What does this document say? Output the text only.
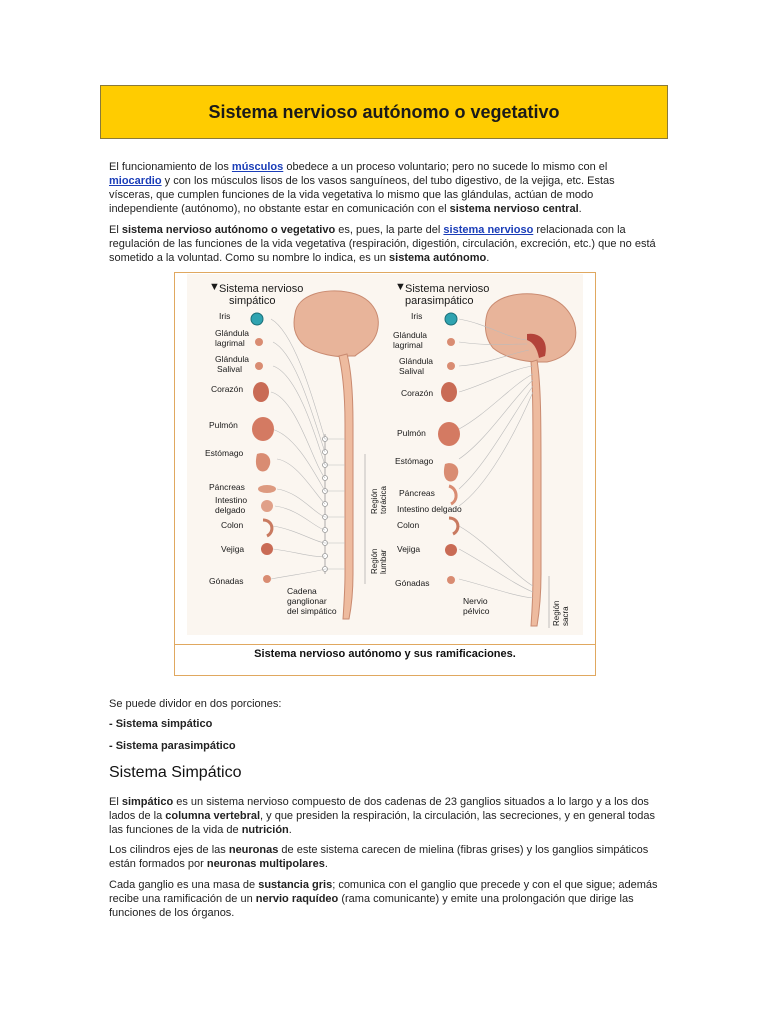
Sistema nervioso autónomo o vegetativo

El funcionamiento de los músculos obedece a un proceso voluntario; pero no sucede lo mismo con el miocardio y con los músculos lisos de los vasos sanguíneos, del tubo digestivo, de la vejiga, etc. Estas vísceras, que cumplen funciones de la vida vegetativa lo mismo que las glándulas, actúan de modo independiente (autónomo), no obstante estar en comunicación con el sistema nervioso central.

El sistema nervioso autónomo o vegetativo es, pues, la parte del sistema nervioso relacionada con la regulación de las funciones de la vida vegetativa (respiración, digestión, circulación, excreción, etc.) que no está sometido a la voluntad. Como su nombre lo indica, es un sistema autónomo.

▼ Sistema nervioso
simpático
Iris
Glándula
lagrimal
Glándula
Salival
Corazón
Pulmón
Estómago
Páncreas
Intestino
delgado
Colon
Vejiga
Gónadas
Cadena
ganglionar
del simpático
Región torácica
Región lumbar
▼ Sistema nervioso
parasimpático
Iris
Glándula
lagrimal
Glándula
Salival
Corazón
Pulmón
Estómago
Páncreas
Intestino delgado
Colon
Vejiga
Gónadas
Nervio
pélvico	Región sacra
Sistema nervioso autónomo y sus ramificaciones.

Se puede dividor en dos porciones:

- Sistema simpático

- Sistema parasimpático

Sistema Simpático

El simpático es un sistema nervioso compuesto de dos cadenas de 23 ganglios situados a lo largo y a los dos lados de la columna vertebral, y que presiden la respiración, la circulación, las secreciones, y en general todas las funciones de la vida de nutrición.

Los cilindros ejes de las neuronas de este sistema carecen de mielina (fibras grises) y los ganglios simpáticos están formados por neuronas multipolares.

Cada ganglio es una masa de sustancia gris; comunica con el ganglio que precede y con el que sigue; además recibe una ramificación de un nervio raquídeo (rama comunicante) y emite una prolongación que dirige las funciones de los órganos.
